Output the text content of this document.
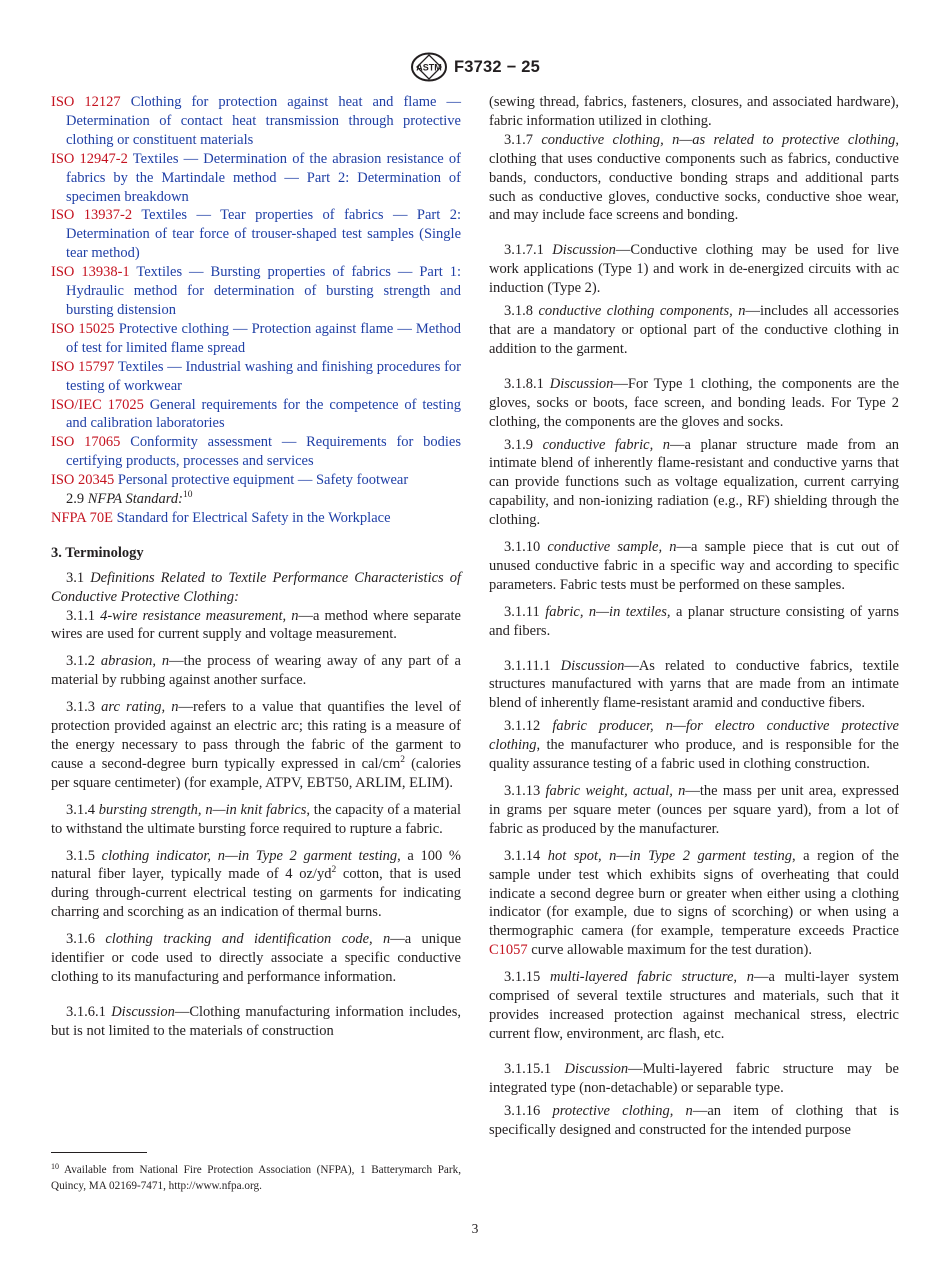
ASTM F3732 − 25

ISO 12127 Clothing for protection against heat and flame — Determination of contact heat transmission through protective clothing or constituent materials

ISO 12947-2 Textiles — Determination of the abrasion resistance of fabrics by the Martindale method — Part 2: Determination of specimen breakdown

ISO 13937-2 Textiles — Tear properties of fabrics — Part 2: Determination of tear force of trouser-shaped test samples (Single tear method)

ISO 13938-1 Textiles — Bursting properties of fabrics — Part 1: Hydraulic method for determination of bursting strength and bursting distension

ISO 15025 Protective clothing — Protection against flame — Method of test for limited flame spread

ISO 15797 Textiles — Industrial washing and finishing procedures for testing of workwear

ISO/IEC 17025 General requirements for the competence of testing and calibration laboratories

ISO 17065 Conformity assessment — Requirements for bodies certifying products, processes and services

ISO 20345 Personal protective equipment — Safety footwear

2.9 NFPA Standard:$^{10}$

NFPA 70E Standard for Electrical Safety in the Workplace

3. Terminology

3.1 Definitions Related to Textile Performance Characteristics of Conductive Protective Clothing:

3.1.1 4-wire resistance measurement, n—a method where separate wires are used for current supply and voltage measurement.

3.1.2 abrasion, n—the process of wearing away of any part of a material by rubbing against another surface.

3.1.3 arc rating, n—refers to a value that quantifies the level of protection provided against an electric arc; this rating is a measure of the energy necessary to pass through the fabric of the garment to cause a second-degree burn typically expressed in cal/$cm^2$ (calories per square centimeter) (for example, ATPV, EBT50, ARLIM, ELIM).

3.1.4 bursting strength, n—in knit fabrics, the capacity of a material to withstand the ultimate bursting force required to rupture a fabric.

3.1.5 clothing indicator, n—in Type 2 garment testing, a 100 % natural fiber layer, typically made of 4 $oz/yd^2$ cotton, that is used during through-current electrical testing on garments for indicating charring and scorching as an indication of thermal burns.

3.1.6 clothing tracking and identification code, n—a unique identifier or code used to directly associate a specific conductive clothing to its manufacturing and performance information.

3.1.6.1 Discussion—Clothing manufacturing information includes, but is not limited to the materials of construction

$^{10}$ Available from National Fire Protection Association (NFPA), 1 Batterymarch Park, Quincy, MA 02169-7471, http://www.nfpa.org.
3

(sewing thread, fabrics, fasteners, closures, and associated hardware), fabric information utilized in clothing.

3.1.7 conductive clothing, n—as related to protective clothing, clothing that uses conductive components such as fabrics, conductive bands, conductors, conductive bonding straps and additional parts such as conductive gloves, conductive socks, conductive shoe wear, and may include face screens and bonding.

3.1.7.1 Discussion—Conductive clothing may be used for live work applications (Type 1) and work in de-energized circuits with ac induction (Type 2).

3.1.8 conductive clothing components, n—includes all accessories that are a mandatory or optional part of the conductive clothing in addition to the garment.

3.1.8.1 Discussion—For Type 1 clothing, the components are the gloves, socks or boots, face screen, and bonding leads. For Type 2 clothing, the components are the gloves and socks.

3.1.9 conductive fabric, n—a planar structure made from an intimate blend of inherently flame-resistant and conductive yarns that can provide functions such as voltage equalization, current carrying capability, and non-ionizing radiation (e.g., RF) shielding through the clothing.

3.1.10 conductive sample, n—a sample piece that is cut out of unused conductive fabric in a specific way and according to specific parameters. Fabric tests must be performed on these samples.

3.1.11 fabric, n—in textiles, a planar structure consisting of yarns and fibers.

3.1.11.1 Discussion—As related to conductive fabrics, textile structures manufactured with yarns that are made from an intimate blend of inherently flame-resistant aramid and conductive fibers.

3.1.12 fabric producer, n—for electro conductive protective clothing, the manufacturer who produce, and is responsible for the quality assurance testing of a fabric used in clothing construction.

3.1.13 fabric weight, actual, n—the mass per unit area, expressed in grams per square meter (ounces per square yard), from a lot of fabric as produced by the manufacturer.

3.1.14 hot spot, n—in Type 2 garment testing, a region of the sample under test which exhibits signs of overheating that could indicate a second degree burn or greater when either using a clothing indicator (for example, due to signs of scorching) or when using a thermographic camera (for example, temperature exceeds Practice C1057 curve allowable maximum for the test duration).

3.1.15 multi-layered fabric structure, n—a multi-layer system comprised of several textile structures and materials, such that it provides increased protection against mechanical stress, electric current flow, environment, arc flash, etc.

3.1.15.1 Discussion—Multi-layered fabric structure may be integrated type (non-detachable) or separable type.

3.1.16 protective clothing, n—an item of clothing that is specifically designed and constructed for the intended purpose
